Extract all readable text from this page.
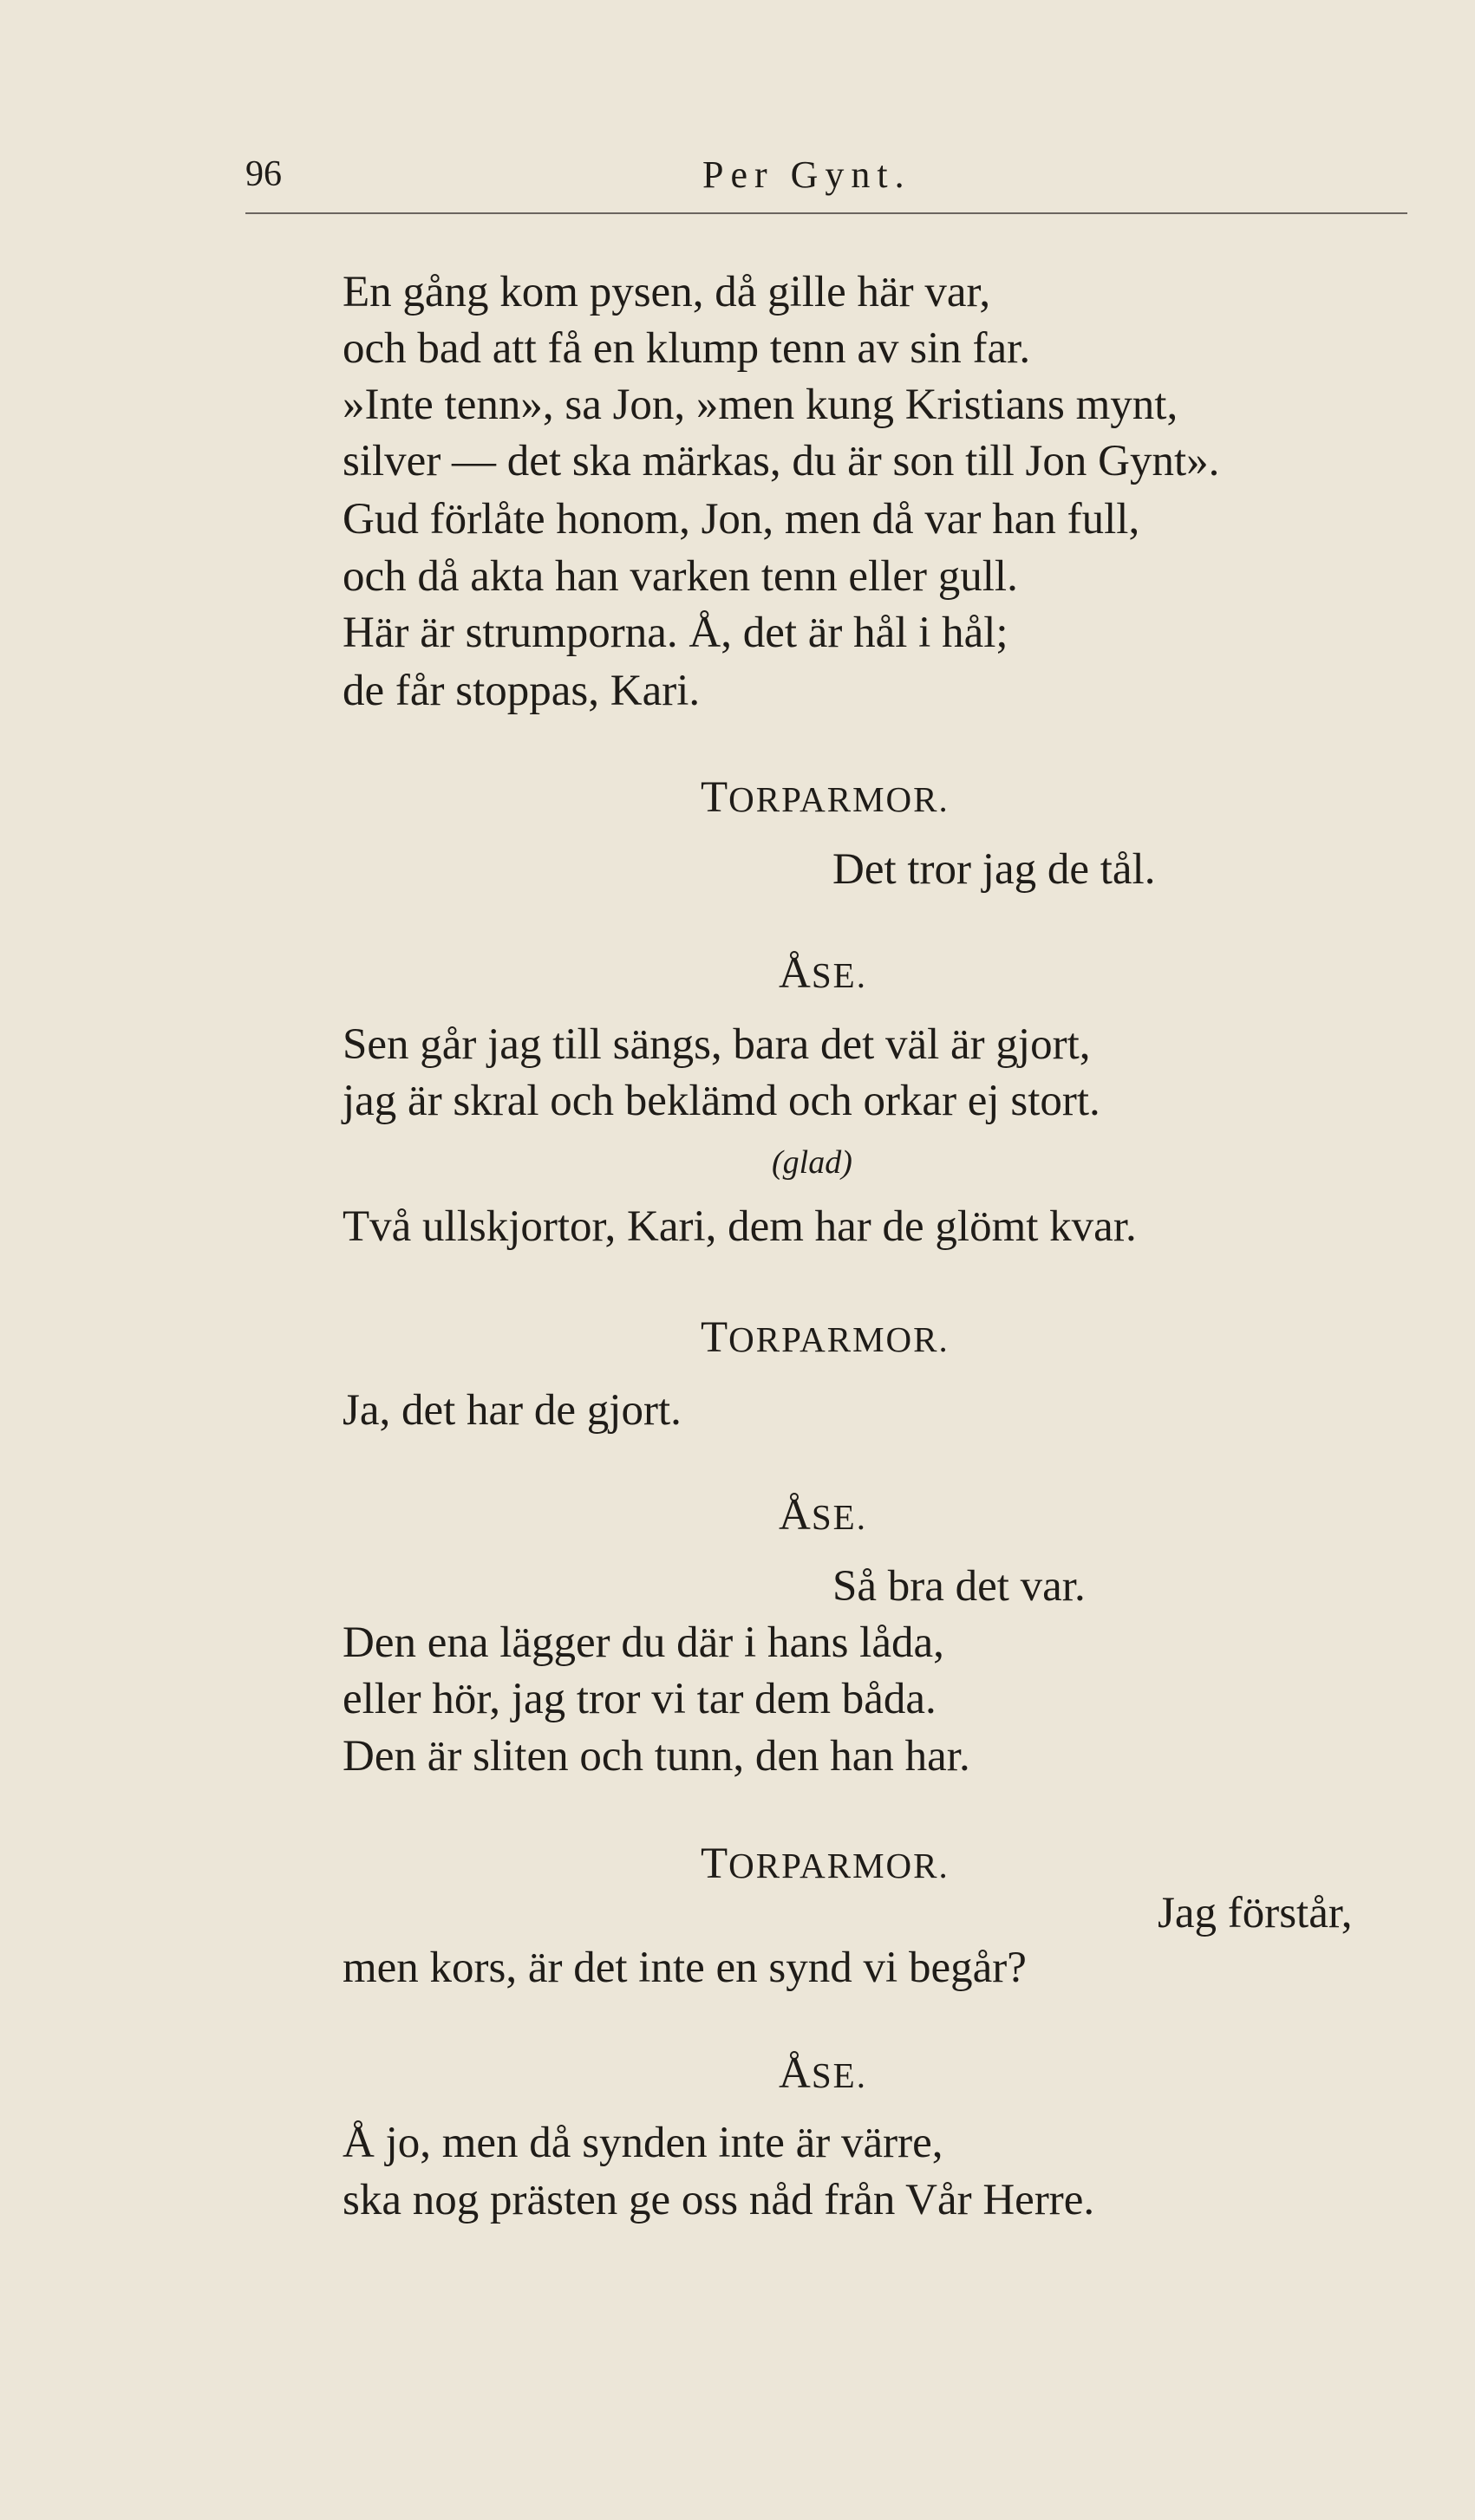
96	Per Gynt.
En gång kom pysen, då gille här var,
och bad att få en klump tenn av sin far.
»Inte tenn», sa Jon, »men kung Kristians mynt,
silver — det ska märkas, du är son till Jon Gynt».
Gud förlåte honom, Jon, men då var han full,
och då akta han varken tenn eller gull.
Här är strumporna. Å, det är hål i hål;
de får stoppas, Kari.
TORPARMOR.
Det tror jag de tål.
ÅSE.
Sen går jag till sängs, bara det väl är gjort,
jag är skral och beklämd och orkar ej stort.
(glad)
Två ullskjortor, Kari, dem har de glömt kvar.
TORPARMOR.
Ja, det har de gjort.
ÅSE.
Så bra det var.
Den ena lägger du där i hans låda,
eller hör, jag tror vi tar dem båda.
Den är sliten och tunn, den han har.
TORPARMOR.
Jag förstår,
men kors, är det inte en synd vi begår?
ÅSE.
Å jo, men då synden inte är värre,
ska nog prästen ge oss nåd från Vår Herre.
